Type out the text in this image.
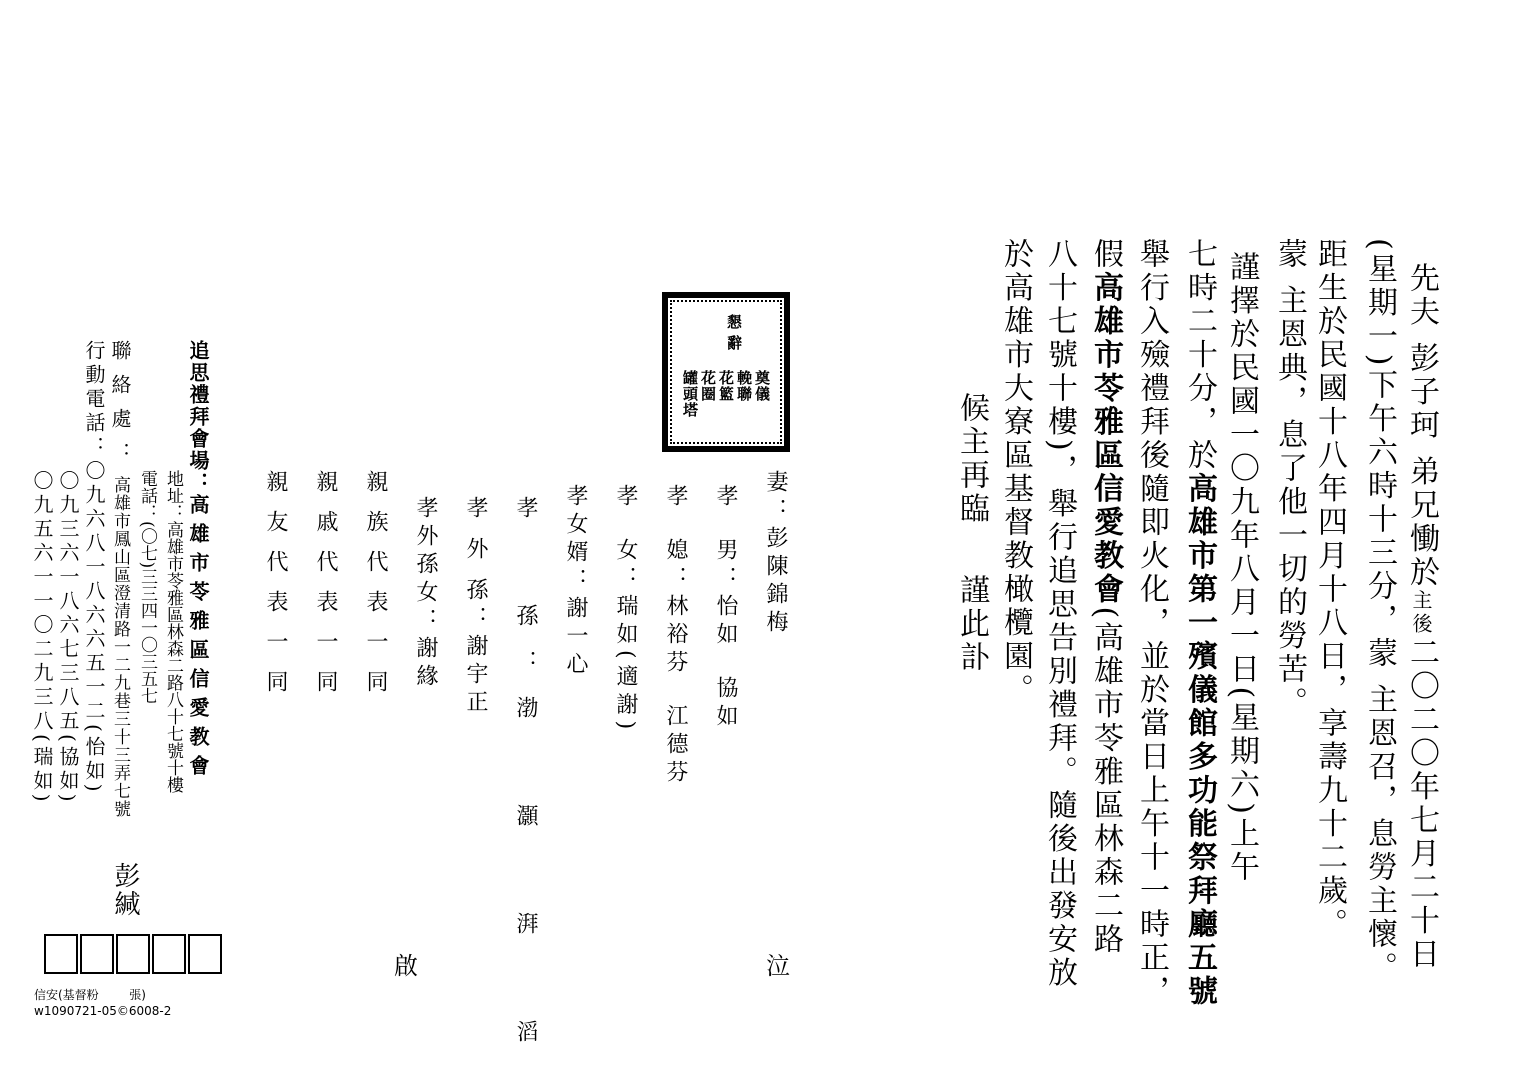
先夫 彭子珂 弟兄慟於主後二〇二〇年七月二十日
(星期一)下午六時十三分，蒙 主恩召，息勞主懷。
距生於民國十八年四月十八日，享壽九十二歲。
蒙 主恩典，息了他一切的勞苦。
謹擇於民國一〇九年八月一日(星期六)上午
七時二十分，於高雄市第一殯儀館多功能祭拜廳五號
舉行入殮禮拜後隨即火化，並於當日上午十一時正，
假高雄市苓雅區信愛教會(高雄市苓雅區林森二路
八十七號十樓)，舉行追思告別禮拜。隨後出發安放
於高雄市大寮區基督教橄欖園。
候主再臨
謹此訃
懇辭
奠儀
輓聯
花籃
花圈
罐頭塔
妻：彭陳錦梅
孝  男：怡如  協如
孝  媳：林裕芬  江德芬
孝  女：瑞如(適謝)
孝女婿：謝一心
孝  孫：渤  灝  湃  滔
孝 外 孫：謝宇正
孝外孫女：謝緣
親族代表一同
親戚代表一同
親友代表一同
泣
啟
追思禮拜會場：高雄市苓雅區信愛教會
地址：高雄市苓雅區林森二路八十七號十樓
電話：(〇七)三三四一〇三五七
聯絡處：高雄市鳳山區澄清路一二九巷三十三弄七號
行動電話：〇九六八一八六六五一二(怡如)
〇九三六一八六七三八五(協如)
〇九五六一一〇二九三八(瑞如)
彭緘
信安(基督粉        張)
w1090721-05©6008-2
